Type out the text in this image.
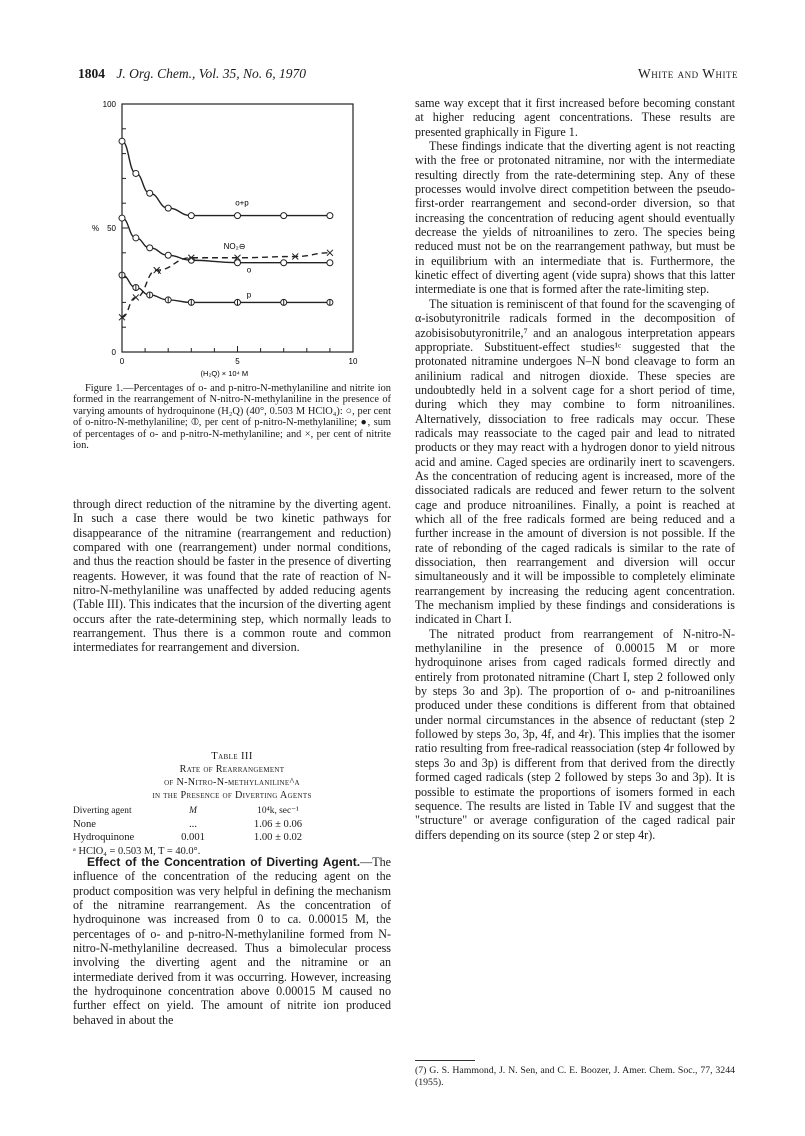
1804 J. Org. Chem., Vol. 35, No. 6, 1970	White and White
0
50
100
%
0	5	10
(H₂Q) × 10⁴ M
o+p
NO₂⊖
o
p
x
Figure 1.—Percentages of o- and p-nitro-N-methylaniline and nitrite ion formed in the rearrangement of N-nitro-N-methylaniline in the presence of varying amounts of hydroquinone (H₂Q) (40°, 0.503 M HClO₄): ○, per cent of o-nitro-N-methylaniline; ⦶, per cent of p-nitro-N-methylaniline; ●, sum of percentages of o- and p-nitro-N-methylaniline; and ×, per cent of nitrite ion.

through direct reduction of the nitramine by the diverting agent. In such a case there would be two kinetic pathways for disappearance of the nitramine (rearrangement and reduction) compared with one (rearrangement) under normal conditions, and thus the reaction should be faster in the presence of diverting reagents. However, it was found that the rate of reaction of N-nitro-N-methylaniline was unaffected by added reducing agents (Table III). This indicates that the incursion of the diverting agent occurs after the rate-determining step, which normally leads to rearrangement. Thus there is a common route and common intermediates for rearrangement and diversion.

Table III
Rate of Rearrangement
of N-Nitro-N-methylaniline^a
in the Presence of Diverting Agents
Diverting agent	M	10⁴k, sec⁻¹
None	...	1.06 ± 0.06
Hydroquinone	0.001	1.00 ± 0.02
ᵃ HClO₄ = 0.503 M, T = 40.0°.

Effect of the Concentration of Diverting Agent.—The influence of the concentration of the reducing agent on the product composition was very helpful in defining the mechanism of the nitramine rearrangement. As the concentration of hydroquinone was increased from 0 to ca. 0.00015 M, the percentages of o- and p-nitro-N-methylaniline formed from N-nitro-N-methylaniline decreased. Thus a bimolecular process involving the diverting agent and the nitramine or an intermediate derived from it was occurring. However, increasing the hydroquinone concentration above 0.00015 M caused no further effect on yield. The amount of nitrite ion produced behaved in about the

same way except that it first increased before becoming constant at higher reducing agent concentrations. These results are presented graphically in Figure 1.

These findings indicate that the diverting agent is not reacting with the free or protonated nitramine, nor with the intermediate resulting directly from the rate-determining step. Any of these processes would involve direct competition between the pseudo-first-order rearrangement and second-order diversion, so that increasing the concentration of reducing agent should eventually decrease the yields of nitroanilines to zero. The species being reduced must not be on the rearrangement pathway, but must be in equilibrium with an intermediate that is. Furthermore, the kinetic effect of diverting agent (vide supra) shows that this latter intermediate is one that is formed after the rate-limiting step.

The situation is reminiscent of that found for the scavenging of α-isobutyronitrile radicals formed in the decomposition of azobisisobutyronitrile,⁷ and an analogous interpretation appears appropriate. Substituent-effect studies¹ᶜ suggested that the protonated nitramine undergoes N–N bond cleavage to form an anilinium radical and nitrogen dioxide. These species are undoubtedly held in a solvent cage for a short period of time, during which they may combine to form nitroanilines. Alternatively, dissociation to free radicals may occur. These radicals may reassociate to the caged pair and lead to nitrated products or they may react with a hydrogen donor to yield nitrous acid and amine. Caged species are ordinarily inert to scavengers. As the concentration of reducing agent is increased, more of the dissociated radicals are reduced and fewer return to the solvent cage and produce nitroanilines. Finally, a point is reached at which all of the free radicals formed are being reduced and a further increase in the amount of diversion is not possible. If the rate of rebonding of the caged radicals is similar to the rate of dissociation, then rearrangement and diversion will occur simultaneously and it will be impossible to completely eliminate rearrangement by increasing the reducing agent concentration. The mechanism implied by these findings and considerations is indicated in Chart I.

The nitrated product from rearrangement of N-nitro-N-methylaniline in the presence of 0.00015 M or more hydroquinone arises from caged radicals formed directly and entirely from protonated nitramine (Chart I, step 2 followed only by steps 3o and 3p). The proportion of o- and p-nitroanilines produced under these conditions is different from that obtained under normal circumstances in the absence of reductant (step 2 followed by steps 3o, 3p, 4f, and 4r). This implies that the isomer ratio resulting from free-radical reassociation (step 4r followed by steps 3o and 3p) is different from that derived from the directly formed caged radicals (step 2 followed by steps 3o and 3p). It is possible to estimate the proportions of isomers formed in each sequence. The results are listed in Table IV and suggest that the "structure" or average configuration of the caged radical pair differs depending on its source (step 2 or step 4r).

(7) G. S. Hammond, J. N. Sen, and C. E. Boozer, J. Amer. Chem. Soc., 77, 3244 (1955).
